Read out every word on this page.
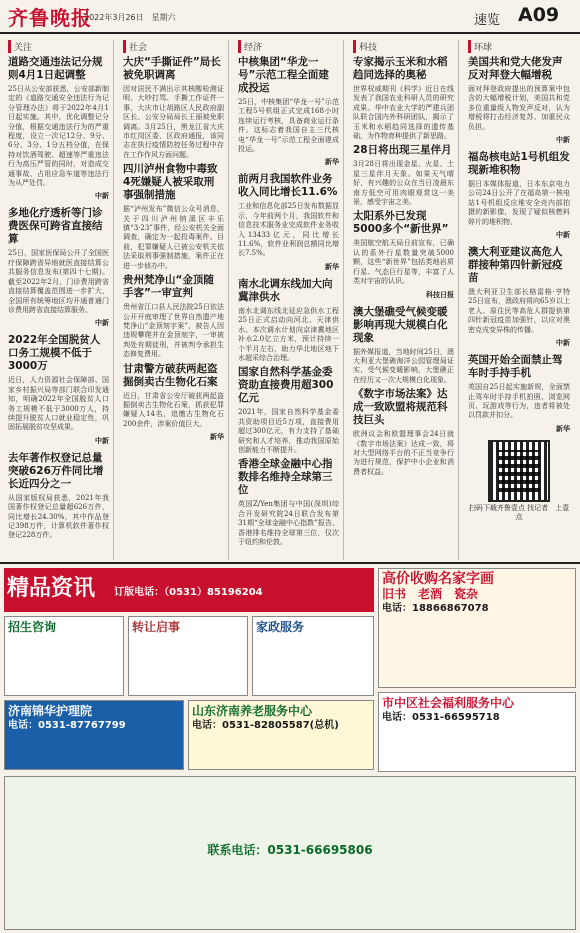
齐鲁晚报
2022年3月26日　星期六	速览 A09
关注
道路交通违法记分规则4月1日起调整
25日从公安部获悉，公安部新制定的《道路交通安全违法行为记分管理办法》将于2022年4月1日起实施。其中，优化调整记分分值，根据交通违法行为的严重程度，设立一次记12分、9分、6分、3分、1分五档分值，在保持对饮酒驾驶、超速等严重违法行为高压严管的同时，对造成交通事故、占用应急车道等违法行为从严处罚。
中新
多地化疗透析等门诊费医保可跨省直接结算
25日，国家医保局公开了全国医疗保障跨省异地就医直接结算公共服务信息发布(第四十七期)。截至2022年2月，门诊费用跨省直接结算覆盖范围进一步扩大，全国所有统筹地区均开通普通门诊费用跨省直接结算服务。
中新
2022年全国脱贫人口务工规模不低于3000万
近日，人力资源社会保障部、国家乡村振兴局等部门联合印发通知，明确2022年全国脱贫人口务工规模不低于3000万人，持续提升脱贫人口就业稳定性，巩固拓展脱贫攻坚成果。
中新
去年著作权登记总量突破626万件同比增长近四分之一
从国家版权局获悉，2021年我国著作权登记总量超626万件，同比增长24.30%，其中作品登记398万件，计算机软件著作权登记228万件。
社会
大庆“手撕证件”局长被免职调离
因对居民不满出示其核酸检测证明、大吵打骂、手撕工作证件一事，大庆市让胡路区人民政府副区长、公安分局局长王丽被免职调离。3月25日，黑龙江省大庆市红岗区委、区政府通报，该同志在执行疫情防控任务过程中存在工作作风方面问题。
四川泸州食物中毒致4死嫌疑人被采取刑事强制措施
据“泸州发布”微信公众号消息，关于四川泸州纳溪区丰乐镇“3·23”事件，经公安机关全面调查，确定为一起投毒案件。目前，犯罪嫌疑人已被公安机关依法采取刑事强制措施，案件正在进一步侦办中。
贵州梵净山“金顶随手客”一审宣判
贵州省江口县人民法院25日依法公开开庭审理了世界自然遗产地梵净山“金顶刻字案”，被告人因违规攀爬并在金顶刻字，一审被判处有期徒刑，并被判令承担生态修复费用。
甘肃警方破获两起盗掘倒卖古生物化石案
近日，甘肃省公安厅破获两起盗掘倒卖古生物化石案，抓获犯罪嫌疑人14名，追缴古生物化石200余件，涉案价值巨大。
新华
经济
中核集团“华龙一号”示范工程全面建成投运
25日，中核集团“华龙一号”示范工程5号机组正式完成168小时连续运行考核，具备商业运行条件。这标志着我国自主三代核电“华龙一号”示范工程全面建成投运。
新华
前两月我国软件业务收入同比增长11.6%
工业和信息化部25日发布数据显示，今年前两个月，我国软件和信息技术服务业完成软件业务收入13433亿元，同比增长11.6%，软件业利润总额同比增长7.5%。
新华
南水北调东线加大向冀津供水
南水北调东线北延应急供水工程25日正式启动向河北、天津供水。本次调水计划向京津冀地区补水2.0亿立方米，预计持续一个半月左右，助力华北地区地下水超采综合治理。
国家自然科学基金委资助直接费用超300亿元
2021年，国家自然科学基金委共资助项目近5万项，直接费用超过300亿元，有力支持了基础研究和人才培养，推动我国原始创新能力不断提升。
香港全球金融中心指数排名维持全球第三位
英国Z/Yen集团与中国(深圳)综合开发研究院24日联合发布第31期“全球金融中心指数”报告，香港排名维持全球第三位，仅次于纽约和伦敦。
科技
专家揭示玉米和水稻趋同选择的奥秘
世界权威期刊《科学》近日在线发表了我国农业科研人员的研究成果。华中农业大学的严建兵团队联合国内外科研团队，揭示了玉米和水稻趋同选择的遗传基础，为作物育种提供了新思路。
28日将出现三星伴月
3月28日将出现金星、火星、土星三星伴月天象。如果天气晴好，有兴趣的公众在当日凌晨东南方低空可用肉眼观赏这一美景，感受宇宙之美。
太阳系外已发现5000多个“新世界”
美国航空航天局日前宣布，已确认的系外行星数量突破5000颗，这些“新世界”包括类地岩质行星、气态巨行星等，丰富了人类对宇宙的认识。
科技日报
澳大堡礁受气候变暖影响再现大规模白化现象
据外媒报道，当地时间25日，澳大利亚大堡礁海洋公园管理局证实，受气候变暖影响，大堡礁正在经历又一次大规模白化现象。
《数字市场法案》达成一致欧盟将规范科技巨头
欧洲议会和欧盟理事会24日就《数字市场法案》达成一致，将对大型网络平台的不正当竞争行为进行规范，保护中小企业和消费者权益。
环球
美国共和党大佬发声反对拜登大幅增税
面对拜登政府提出的预算案中包含的大幅增税计划，美国共和党多位重量级人物发声反对，认为增税将打击经济复苏、加重民众负担。
中新
福岛核电站1号机组发现新堆积物
据日本媒体报道，日本东京电力公司24日公开了在福岛第一核电站1号机组反应堆安全壳内部拍摄的新影像，发现了疑似核燃料碎片的堆积物。
中新
澳大利亚建议高危人群接种第四针新冠疫苗
澳大利亚卫生部长格雷格·亨特25日宣布，澳政府将向65岁以上老人、原住民等高危人群提供第四针新冠疫苗加强针，以应对奥密克戎变异株的传播。
中新
英国开始全面禁止驾车时手持手机
英国自25日起实施新规，全面禁止驾车时手持手机拍照、浏览网页、玩游戏等行为，违者将被处以罚款并扣分。
新华
扫码下载齐鲁壹点 找记者　上壹点
精品资讯 订版电话：（0531）85196204
高价收购名家字画
旧书　老酒　瓷杂
电话：18866867078
招生咨询	转让启事	家政服务
济南锦华护理院
电话：0531-87767799
山东济南养老服务中心
电话：0531-82805587(总机)
市中区社会福利服务中心
电话：0531-66595718
联系电话：0531-66695806
